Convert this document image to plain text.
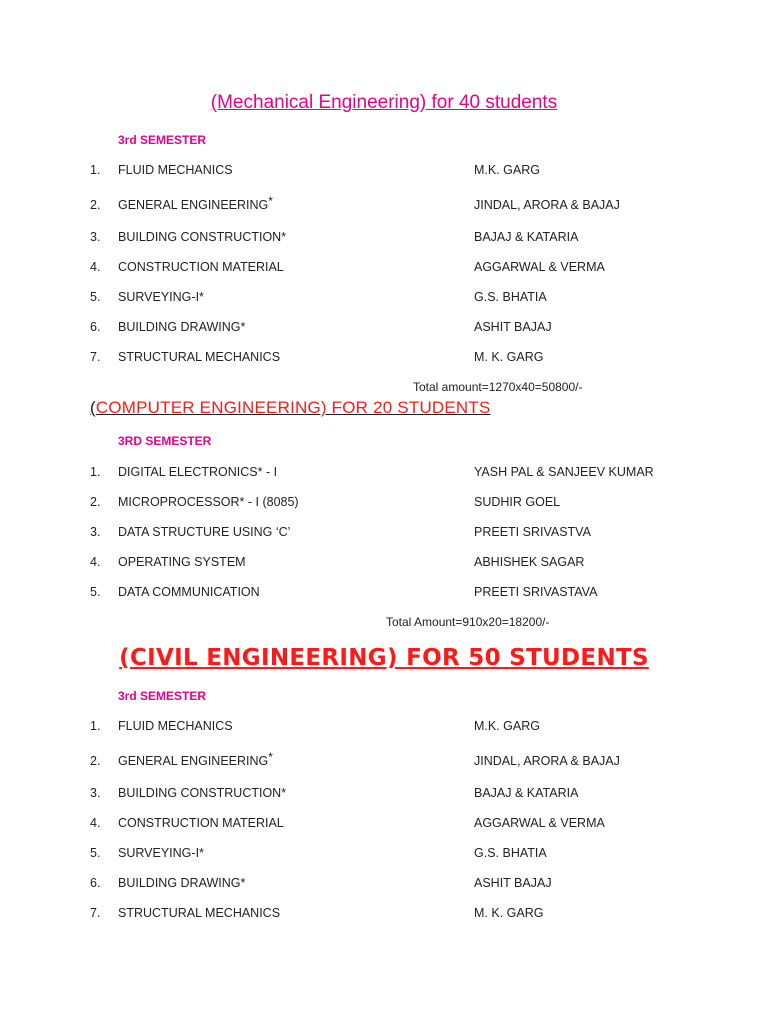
(Mechanical Engineering) for 40 students
3rd SEMESTER
1. FLUID MECHANICS	M.K. GARG
2. GENERAL ENGINEERING*	JINDAL, ARORA & BAJAJ
3. BUILDING CONSTRUCTION*	BAJAJ & KATARIA
4. CONSTRUCTION MATERIAL	AGGARWAL & VERMA
5. SURVEYING-I*	G.S. BHATIA
6. BUILDING DRAWING*	ASHIT BAJAJ
7. STRUCTURAL MECHANICS	M. K. GARG
Total amount=1270x40=50800/-
(COMPUTER ENGINEERING) FOR 20 STUDENTS
3RD SEMESTER
1. DIGITAL ELECTRONICS* - I	YASH PAL & SANJEEV KUMAR
2. MICROPROCESSOR* - I (8085)	SUDHIR GOEL
3. DATA STRUCTURE USING ‘C’	PREETI SRIVASTVA
4. OPERATING SYSTEM	ABHISHEK SAGAR
5. DATA COMMUNICATION	PREETI SRIVASTAVA
Total Amount=910x20=18200/-
(CIVIL ENGINEERING) FOR 50 STUDENTS
3rd SEMESTER
1. FLUID MECHANICS	M.K. GARG
2. GENERAL ENGINEERING*	JINDAL, ARORA & BAJAJ
3. BUILDING CONSTRUCTION*	BAJAJ & KATARIA
4. CONSTRUCTION MATERIAL	AGGARWAL & VERMA
5. SURVEYING-I*	G.S. BHATIA
6. BUILDING DRAWING*	ASHIT BAJAJ
7. STRUCTURAL MECHANICS	M. K. GARG
